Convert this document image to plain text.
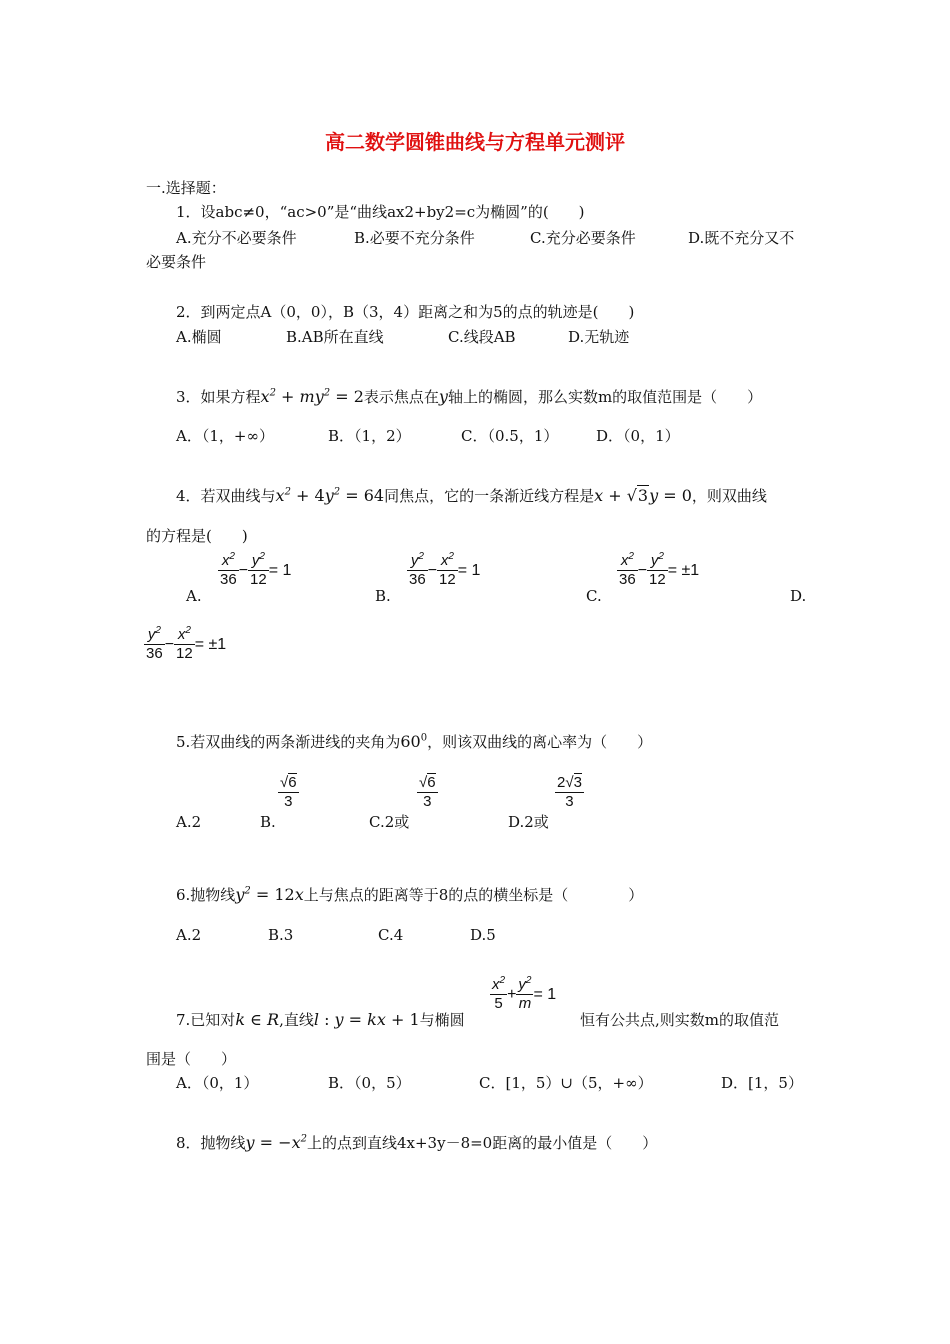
高二数学圆锥曲线与方程单元测评
一.选择题：
1．设abc≠0，“ac>0”是“曲线ax2+by2=c为椭圆”的(　　)
A.充分不必要条件	B.必要不充分条件	C.充分必要条件	D.既不充分又不
必要条件
2．到两定点A（0，0），B（3，4）距离之和为5的点的轨迹是(　　)
A.椭圆	B.AB所在直线	C.线段AB	D.无轨迹
3．如果方程$x^2 + my^2 = 2$表示焦点在y轴上的椭圆，那么实数m的取值范围是（　　）
A．（1，+∞）	B．（1，2）	C．（0.5，1）	D．（0，1）
4．若双曲线与$x^2 + 4y^2 = 64$同焦点，它的一条渐近线方程是x + √3y = 0，则双曲线
的方程是(　　)
A.
$\frac{x^2}{36} - \frac{y^2}{12} = 1$
B.
$\frac{y^2}{36} - \frac{x^2}{12} = 1$
C.
$\frac{x^2}{36} - \frac{y^2}{12} = \pm 1$
D.
$\frac{y^2}{36} - \frac{x^2}{12} = \pm 1$
5.若双曲线的两条渐进线的夹角为$60^0$，则该双曲线的离心率为（　　）
A.2	B.
$\frac{√6}{3}$
C.2或
$\frac{√6}{3}$
D.2或
$\frac{2√3}{3}$
6.抛物线$y^2 = 12x$上与焦点的距离等于8的点的横坐标是（　　　　）
A.2	B.3	C.4	D.5
7.已知对k ∈ R,直线l : y = kx + 1与椭圆
$\frac{x^2}{5} + \frac{y^2}{m} = 1$
恒有公共点,则实数m的取值范
围是（　　）
A．（0，1）	B．（0，5）	C．[1，5）∪（5，+∞）	D．[1，5）
8．抛物线$y = -x^2$上的点到直线4x+3y－8=0距离的最小值是（　　）
